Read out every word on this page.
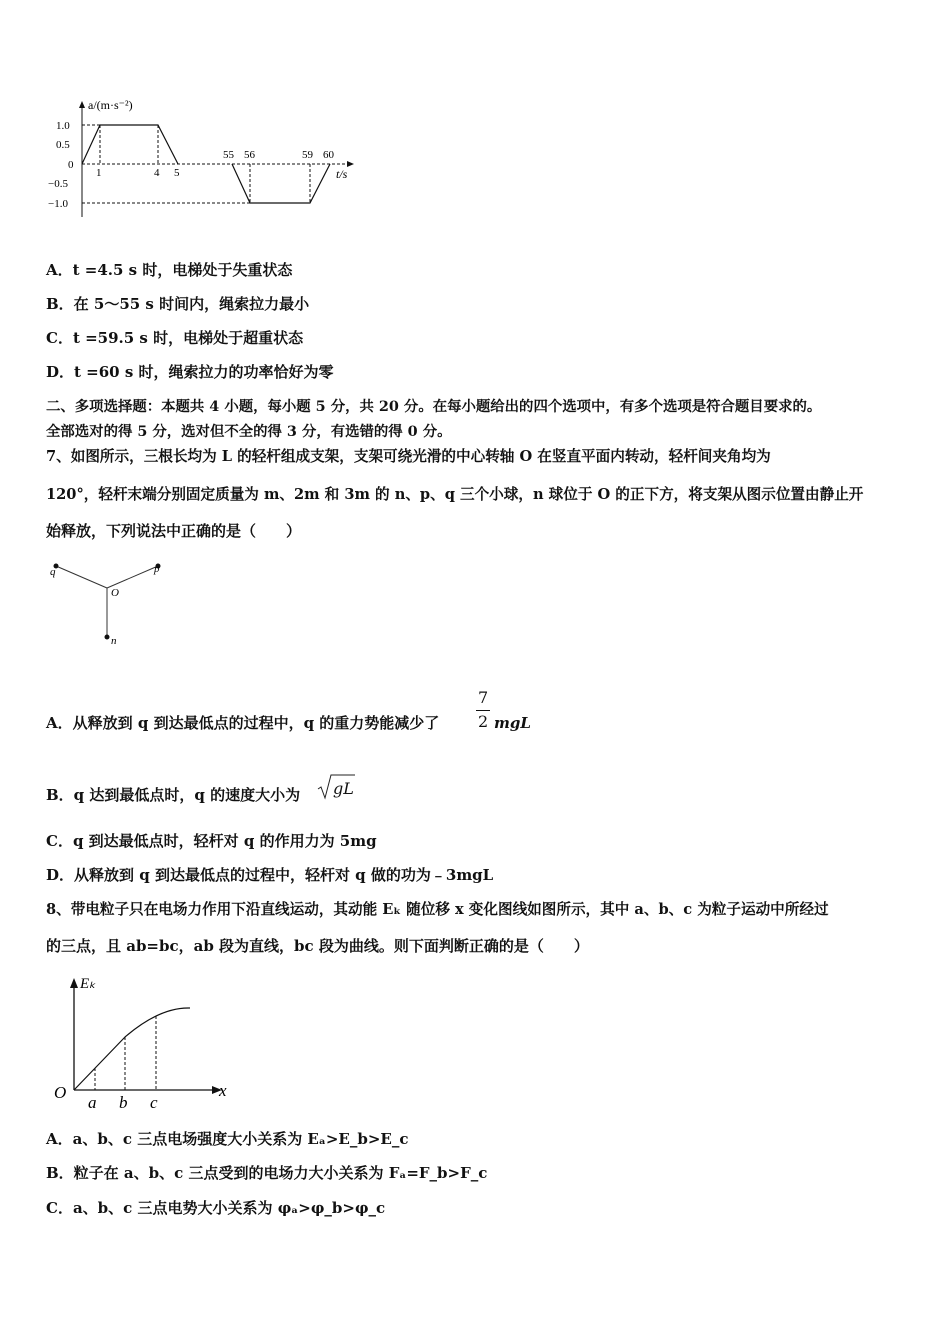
a/(m·s⁻²)
1.0
0.5
0
−0.5
−1.0
1	4 5
55 56	59 60
t/s
A．t =4.5 s 时，电梯处于失重状态
B．在 5～55 s 时间内，绳索拉力最小
C．t =59.5 s 时，电梯处于超重状态
D．t =60 s 时，绳索拉力的功率恰好为零
二、多项选择题：本题共 4 小题，每小题 5 分，共 20 分。在每小题给出的四个选项中，有多个选项是符合题目要求的。
全部选对的得 5 分，选对但不全的得 3 分，有选错的得 0 分。
7、如图所示，三根长均为 L 的轻杆组成支架，支架可绕光滑的中心转轴 O 在竖直平面内转动，轻杆间夹角均为
120°，轻杆末端分别固定质量为 m、2m 和 3m 的 n、p、q 三个小球，n 球位于 O 的正下方，将支架从图示位置由静止开
始释放，下列说法中正确的是（　　）
q	p
O
n
A．从释放到 q 到达最低点的过程中，q 的重力势能减少了
7
2 mgL
B．q 达到最低点时，q 的速度大小为 gL
C．q 到达最低点时，轻杆对 q 的作用力为 5mg
D．从释放到 q 到达最低点的过程中，轻杆对 q 做的功为﹣3mgL
8、带电粒子只在电场力作用下沿直线运动，其动能 Eₖ 随位移 x 变化图线如图所示，其中 a、b、c 为粒子运动中所经过
的三点，且 ab=bc，ab 段为直线，bc 段为曲线。则下面判断正确的是（　　）
Eₖ
O	x
a b c
A．a、b、c 三点电场强度大小关系为 Eₐ>E_b>E_c
B．粒子在 a、b、c 三点受到的电场力大小关系为 Fₐ=F_b>F_c
C．a、b、c 三点电势大小关系为 φₐ>φ_b>φ_c
